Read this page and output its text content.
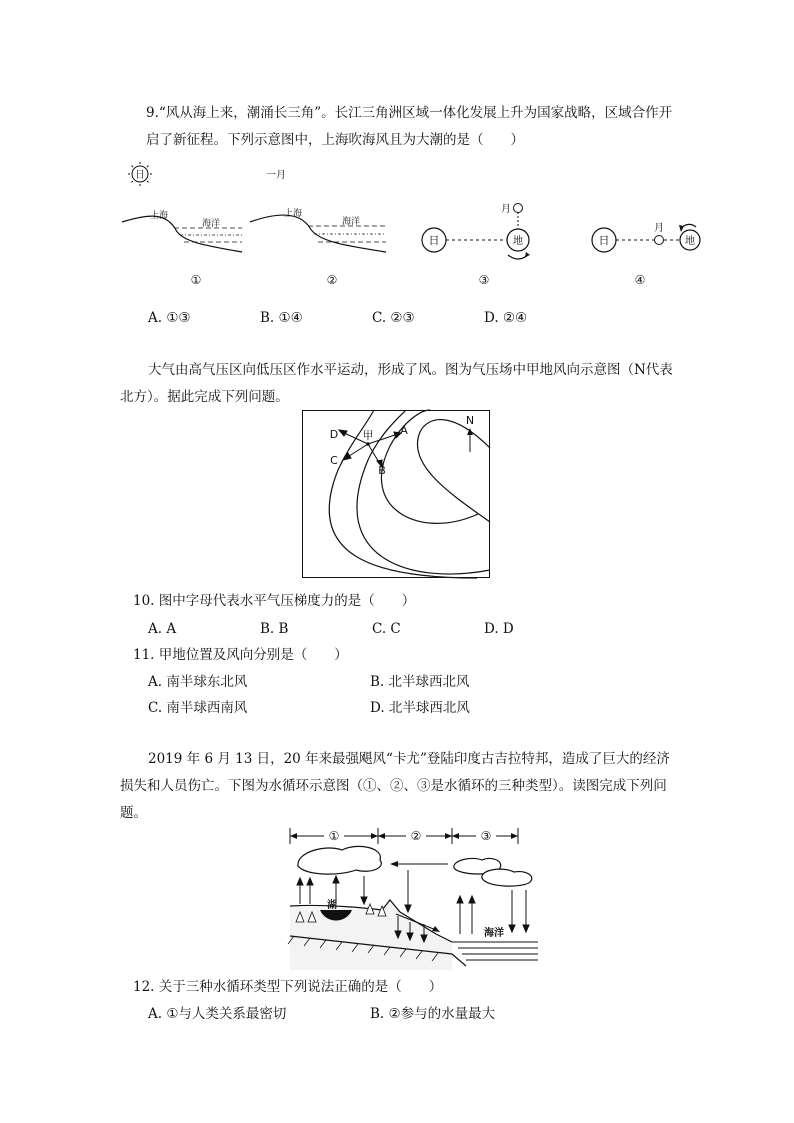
9.“风从海上来，潮涌长三角”。长江三角洲区域一体化发展上升为国家战略，区域合作开启了新征程。下列示意图中，上海吹海风且为大潮的是（　　）
日
上海
海洋
①
一月
上海
海洋
②
日	地
月
③
日
月
地
④
A. ①③	B. ①④	C. ②③	D. ②④
大气由高气压区向低压区作水平运动，形成了风。图为气压场中甲地风向示意图（N代表北方）。据此完成下列问题。
甲
D	A
C
B
N
10. 图中字母代表水平气压梯度力的是（　　）
A. A	B. B	C. C	D. D
11. 甲地位置及风向分别是（　　）
A. 南半球东北风	B. 北半球西北风
C. 南半球西南风	D. 北半球西北风
2019 年 6 月 13 日，20 年来最强飓风“卡尤”登陆印度古吉拉特邦，造成了巨大的经济损失和人员伤亡。下图为水循环示意图（①、②、③是水循环的三种类型）。读图完成下列问题。
①	②	③
湖
海洋
12. 关于三种水循环类型下列说法正确的是（　　）
A. ①与人类关系最密切	B. ②参与的水量最大
